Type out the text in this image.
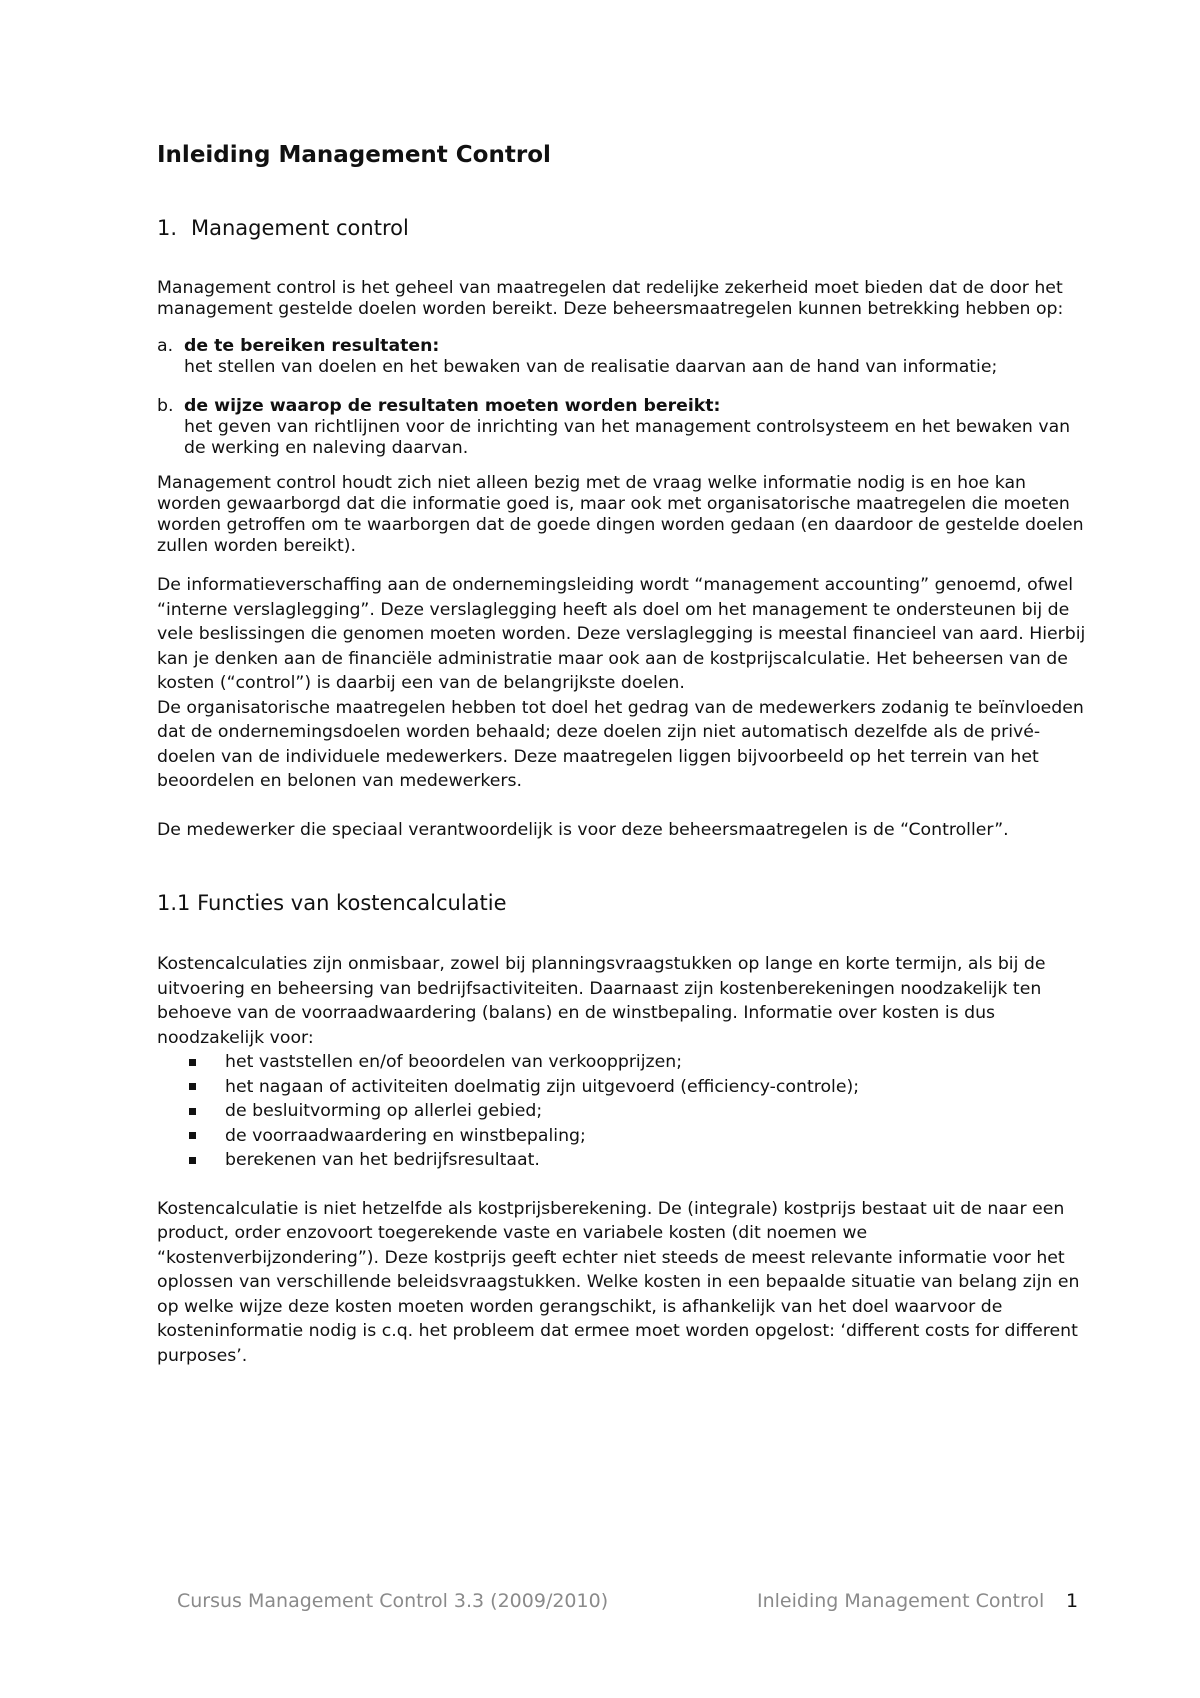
Inleiding Management Control
1. Management control

Management control is het geheel van maatregelen dat redelijke zekerheid moet bieden dat de door het management gestelde doelen worden bereikt. Deze beheersmaatregelen kunnen betrekking hebben op:

a. de te bereiken resultaten:
het stellen van doelen en het bewaken van de realisatie daarvan aan de hand van informatie;
b. de wijze waarop de resultaten moeten worden bereikt:
het geven van richtlijnen voor de inrichting van het management controlsysteem en het bewaken van de werking en naleving daarvan.

Management control houdt zich niet alleen bezig met de vraag welke informatie nodig is en hoe kan worden gewaarborgd dat die informatie goed is, maar ook met organisatorische maatregelen die moeten worden getroffen om te waarborgen dat de goede dingen worden gedaan (en daardoor de gestelde doelen zullen worden bereikt).

De informatieverschaffing aan de ondernemingsleiding wordt “management accounting” genoemd, ofwel “interne verslaglegging”. Deze verslaglegging heeft als doel om het management te ondersteunen bij de vele beslissingen die genomen moeten worden. Deze verslaglegging is meestal financieel van aard. Hierbij kan je denken aan de financiële administratie maar ook aan de kostprijscalculatie. Het beheersen van de kosten (“control”) is daarbij een van de belangrijkste doelen.

De organisatorische maatregelen hebben tot doel het gedrag van de medewerkers zodanig te beïnvloeden dat de ondernemingsdoelen worden behaald; deze doelen zijn niet automatisch dezelfde als de privé-doelen van de individuele medewerkers. Deze maatregelen liggen bijvoorbeeld op het terrein van het beoordelen en belonen van medewerkers.

De medewerker die speciaal verantwoordelijk is voor deze beheersmaatregelen is de “Controller”.

1.1 Functies van kostencalculatie

Kostencalculaties zijn onmisbaar, zowel bij planningsvraagstukken op lange en korte termijn, als bij de uitvoering en beheersing van bedrijfsactiviteiten. Daarnaast zijn kostenberekeningen noodzakelijk ten behoeve van de voorraadwaardering (balans) en de winstbepaling. Informatie over kosten is dus noodzakelijk voor:

het vaststellen en/of beoordelen van verkoopprijzen;
het nagaan of activiteiten doelmatig zijn uitgevoerd (efficiency-controle);
de besluitvorming op allerlei gebied;
de voorraadwaardering en winstbepaling;
berekenen van het bedrijfsresultaat.

Kostencalculatie is niet hetzelfde als kostprijsberekening. De (integrale) kostprijs bestaat uit de naar een product, order enzovoort toegerekende vaste en variabele kosten (dit noemen we “kostenverbijzondering”). Deze kostprijs geeft echter niet steeds de meest relevante informatie voor het oplossen van verschillende beleidsvraagstukken. Welke kosten in een bepaalde situatie van belang zijn en op welke wijze deze kosten moeten worden gerangschikt, is afhankelijk van het doel waarvoor de kosteninformatie nodig is c.q. het probleem dat ermee moet worden opgelost: ‘different costs for different purposes’.

Cursus Management Control 3.3 (2009/2010)	Inleiding Management Control 1
